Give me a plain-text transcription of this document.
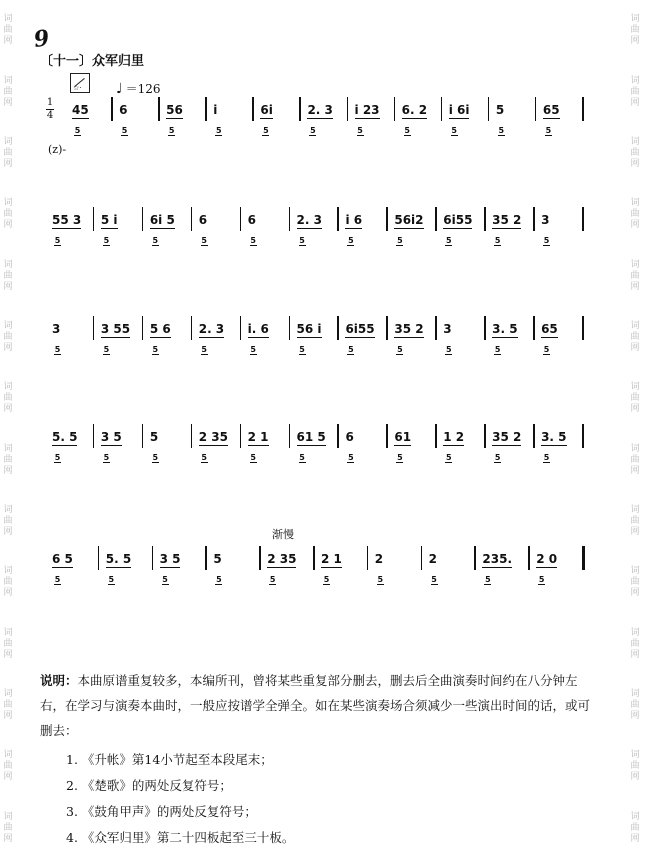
词
曲
网
词
曲
网
词
曲
网
词
曲
网
词
曲
网
词
曲
网
词
曲
网
词
曲
网
词
曲
网
词
曲
网
词
曲
网
词
曲
网
词
曲
网
词
曲
网
词
曲
网
词
曲
网
词
曲
网
词
曲
网
词
曲
网
词
曲
网
词
曲
网
词
曲
网
词
曲
网
词
曲
网
词
曲
网
词
曲
网
词
曲
网
词
曲
网
9
〔十一〕众军归里
☆· ♩ ＝126
1
4 45
5
6
5
56
5
i
5
6i
5
2. 3
5
i 23
5
6. 2
5
i 6i
5
5
5
65
5
(z)-
55 3
5
5 i
5
6i 5
5
6
5
6
5
2. 3
5
i 6
5
56i2
5
6i55
5
35 2
5
3
5
3
5
3 55
5
5 6
5
2. 3
5
i. 6
5
56 i
5
6i55
5
35 2
5
3
5
3. 5
5
65
5
5. 5
5
3 5
5
5
5
2 35
5
2 1
5
61 5
5
6
5
61
5
1 2
5
35 2
5
3. 5
5
6 5
5
5. 5
5
3 5
5
5
5
2 35
5
2 1
5
2
5
2
5
235.
5
2 0
5
渐慢
说明：本曲原谱重复较多，本编所刊，曾将某些重复部分删去，删去后全曲演奏时间约在八分钟左右，在学习与演奏本曲时，一般应按谱学全弹全。如在某些演奏场合须减少一些演出时间的话，或可删去：
1. 《升帐》第14小节起至本段尾末；
2. 《楚歌》的两处反复符号；
3. 《鼓角甲声》的两处反复符号；
4. 《众军归里》第二十四板起至三十板。
